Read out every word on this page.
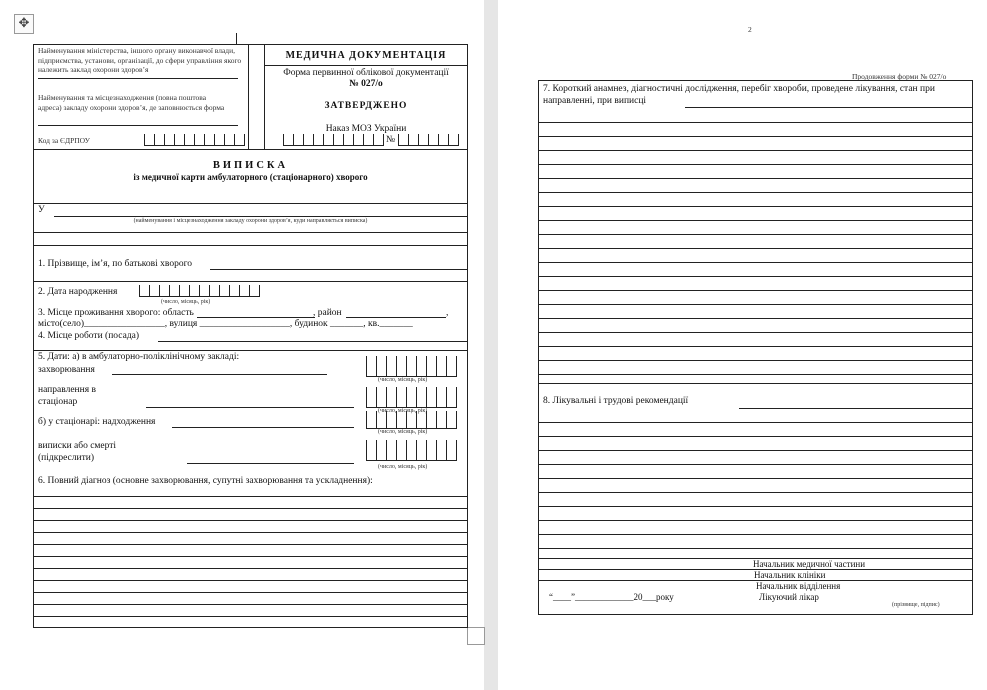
✥
Найменування міністерства, іншого органу виконавчої влади, підприємства, установи, організації, до сфери управління якого належить заклад охорони здоров’я
Найменування та місцезнаходження (повна поштова адреса) закладу охорони здоров’я, де заповнюється форма
Код за ЄДРПОУ
МЕДИЧНА ДОКУМЕНТАЦІЯ
Форма первинної облікової документації
№ 027/о
ЗАТВЕРДЖЕНО
Наказ МОЗ України
№
ВИПИСКА
із медичної карти амбулаторного (стаціонарного) хворого
У
(найменування і місцезнаходження закладу охорони здоров’я, куди направляється виписка)
1. Прізвище, ім’я, по батькові хворого
2. Дата народження
(число, місяць, рік)
3. Місце проживання хворого: область	, район	,
місто(село)_________________, вулиця ___________________, будинок _______, кв._______
4. Місце роботи (посада)
5. Дати: а) в амбулаторно-поліклінічному закладі:
захворювання
(число, місяць, рік)
направлення в
стаціонар
(число, місяць, рік)
б) у стаціонарі: надходження
(число, місяць, рік)
виписки або смерті
(підкреслити)
(число, місяць, рік)
6. Повний діагноз (основне захворювання, супутні захворювання та ускладнення):
2
Продовження форми № 027/о
7. Короткий анамнез, діагностичні дослідження, перебіг хвороби, проведене лікування, стан при
направленні, при виписці
8. Лікувальні і трудові рекомендації
Начальник медичної частини
Начальник клініки
Начальник відділення
“____”_____________20___року	Лікуючий лікар
(прізвище, підпис)
